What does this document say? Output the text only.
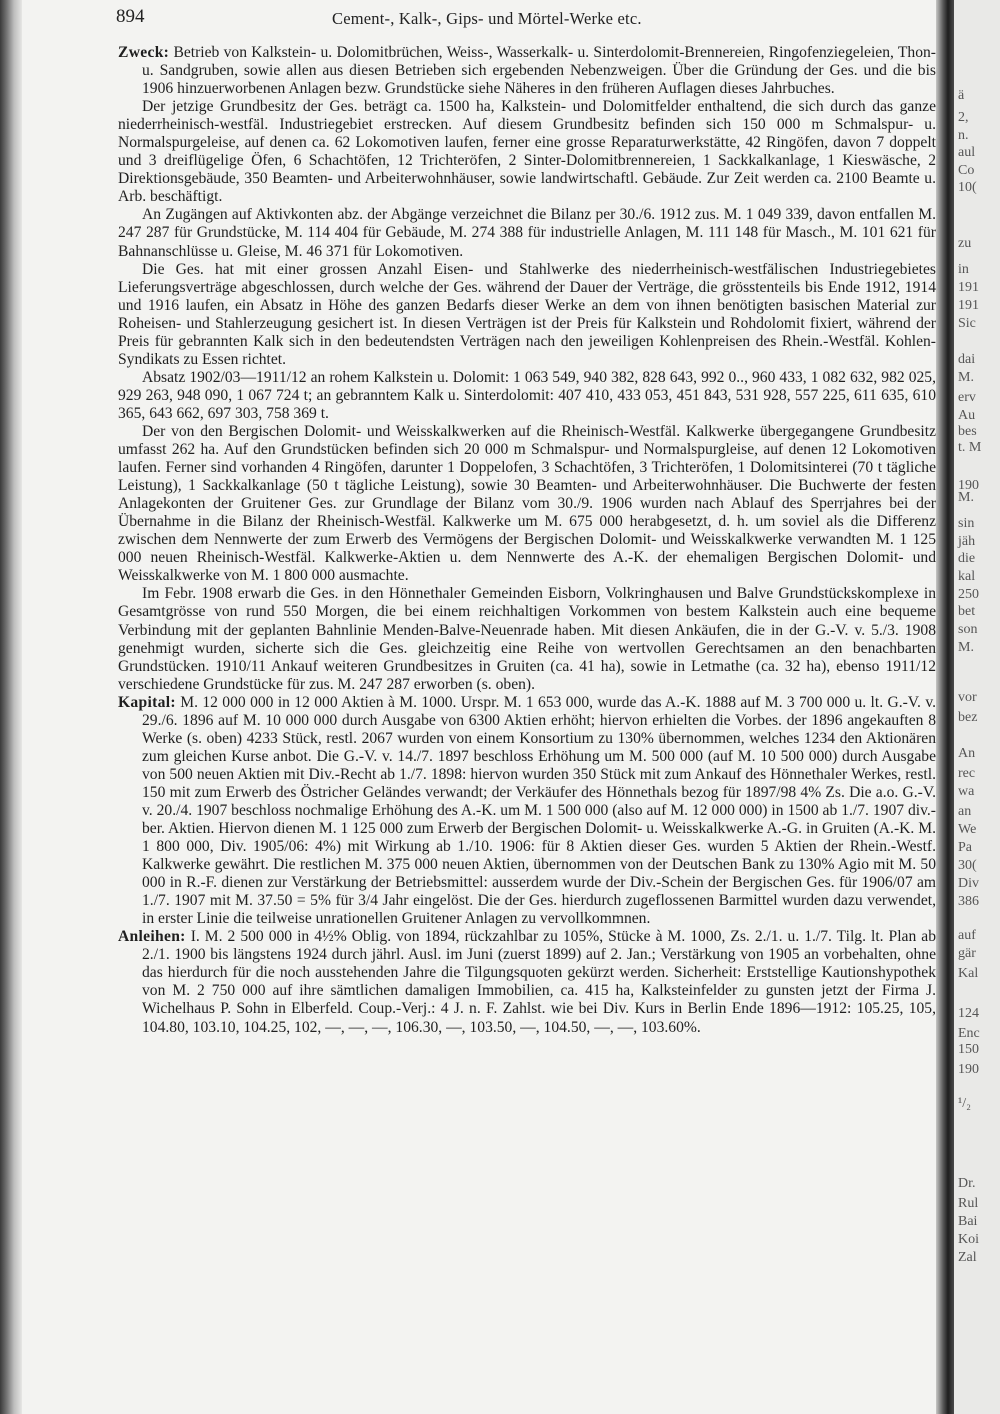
894	Cement-, Kalk-, Gips- und Mörtel-Werke etc.

Zweck: Betrieb von Kalkstein- u. Dolomitbrüchen, Weiss-, Wasserkalk- u. Sinterdolomit-Brennereien, Ringofenziegeleien, Thon- u. Sandgruben, sowie allen aus diesen Betrieben sich ergebenden Nebenzweigen. Über die Gründung der Ges. und die bis 1906 hinzuerworbenen Anlagen bezw. Grundstücke siehe Näheres in den früheren Auflagen dieses Jahrbuches.

Der jetzige Grundbesitz der Ges. beträgt ca. 1500 ha, Kalkstein- und Dolomitfelder enthaltend, die sich durch das ganze niederrheinisch-westfäl. Industriegebiet erstrecken. Auf diesem Grundbesitz befinden sich 150 000 m Schmalspur- u. Normalspurgeleise, auf denen ca. 62 Lokomotiven laufen, ferner eine grosse Reparaturwerkstätte, 42 Ringöfen, davon 7 doppelt und 3 dreiflügelige Öfen, 6 Schachtöfen, 12 Trichteröfen, 2 Sinter-Dolomitbrennereien, 1 Sackkalkanlage, 1 Kieswäsche, 2 Direktionsgebäude, 350 Beamten- und Arbeiterwohnhäuser, sowie landwirtschaftl. Gebäude. Zur Zeit werden ca. 2100 Beamte u. Arb. beschäftigt.

An Zugängen auf Aktivkonten abz. der Abgänge verzeichnet die Bilanz per 30./6. 1912 zus. M. 1 049 339, davon entfallen M. 247 287 für Grundstücke, M. 114 404 für Gebäude, M. 274 388 für industrielle Anlagen, M. 111 148 für Masch., M. 101 621 für Bahnanschlüsse u. Gleise, M. 46 371 für Lokomotiven.

Die Ges. hat mit einer grossen Anzahl Eisen- und Stahlwerke des niederrheinisch-westfälischen Industriegebietes Lieferungsverträge abgeschlossen, durch welche der Ges. während der Dauer der Verträge, die grösstenteils bis Ende 1912, 1914 und 1916 laufen, ein Absatz in Höhe des ganzen Bedarfs dieser Werke an dem von ihnen benötigten basischen Material zur Roheisen- und Stahlerzeugung gesichert ist. In diesen Verträgen ist der Preis für Kalkstein und Rohdolomit fixiert, während der Preis für gebrannten Kalk sich in den bedeutendsten Verträgen nach den jeweiligen Kohlenpreisen des Rhein.-Westfäl. Kohlen-Syndikats zu Essen richtet.

Absatz 1902/03—1911/12 an rohem Kalkstein u. Dolomit: 1 063 549, 940 382, 828 643, 992 0.., 960 433, 1 082 632, 982 025, 929 263, 948 090, 1 067 724 t; an gebranntem Kalk u. Sinterdolomit: 407 410, 433 053, 451 843, 531 928, 557 225, 611 635, 610 365, 643 662, 697 303, 758 369 t.

Der von den Bergischen Dolomit- und Weisskalkwerken auf die Rheinisch-Westfäl. Kalkwerke übergegangene Grundbesitz umfasst 262 ha. Auf den Grundstücken befinden sich 20 000 m Schmalspur- und Normalspurgleise, auf denen 12 Lokomotiven laufen. Ferner sind vorhanden 4 Ringöfen, darunter 1 Doppelofen, 3 Schachtöfen, 3 Trichteröfen, 1 Dolomitsinterei (70 t tägliche Leistung), 1 Sackkalkanlage (50 t tägliche Leistung), sowie 30 Beamten- und Arbeiterwohnhäuser. Die Buchwerte der festen Anlagekonten der Gruitener Ges. zur Grundlage der Bilanz vom 30./9. 1906 wurden nach Ablauf des Sperrjahres bei der Übernahme in die Bilanz der Rheinisch-Westfäl. Kalkwerke um M. 675 000 herabgesetzt, d. h. um soviel als die Differenz zwischen dem Nennwerte der zum Erwerb des Vermögens der Bergischen Dolomit- und Weisskalkwerke verwandten M. 1 125 000 neuen Rheinisch-Westfäl. Kalkwerke-Aktien u. dem Nennwerte des A.-K. der ehemaligen Bergischen Dolomit- und Weisskalkwerke von M. 1 800 000 ausmachte.

Im Febr. 1908 erwarb die Ges. in den Hönnethaler Gemeinden Eisborn, Volkringhausen und Balve Grundstückskomplexe in Gesamtgrösse von rund 550 Morgen, die bei einem reichhaltigen Vorkommen von bestem Kalkstein auch eine bequeme Verbindung mit der geplanten Bahnlinie Menden-Balve-Neuenrade haben. Mit diesen Ankäufen, die in der G.-V. v. 5./3. 1908 genehmigt wurden, sicherte sich die Ges. gleichzeitig eine Reihe von wertvollen Gerechtsamen an den benachbarten Grundstücken. 1910/11 Ankauf weiteren Grundbesitzes in Gruiten (ca. 41 ha), sowie in Letmathe (ca. 32 ha), ebenso 1911/12 verschiedene Grundstücke für zus. M. 247 287 erworben (s. oben).

Kapital: M. 12 000 000 in 12 000 Aktien à M. 1000. Urspr. M. 1 653 000, wurde das A.-K. 1888 auf M. 3 700 000 u. lt. G.-V. v. 29./6. 1896 auf M. 10 000 000 durch Ausgabe von 6300 Aktien erhöht; hiervon erhielten die Vorbes. der 1896 angekauften 8 Werke (s. oben) 4233 Stück, restl. 2067 wurden von einem Konsortium zu 130% übernommen, welches 1234 den Aktionären zum gleichen Kurse anbot. Die G.-V. v. 14./7. 1897 beschloss Erhöhung um M. 500 000 (auf M. 10 500 000) durch Ausgabe von 500 neuen Aktien mit Div.-Recht ab 1./7. 1898: hiervon wurden 350 Stück mit zum Ankauf des Hönnethaler Werkes, restl. 150 mit zum Erwerb des Östricher Geländes verwandt; der Verkäufer des Hönnethals bezog für 1897/98 4% Zs. Die a.o. G.-V. v. 20./4. 1907 beschloss nochmalige Erhöhung des A.-K. um M. 1 500 000 (also auf M. 12 000 000) in 1500 ab 1./7. 1907 div.-ber. Aktien. Hiervon dienen M. 1 125 000 zum Erwerb der Bergischen Dolomit- u. Weisskalkwerke A.-G. in Gruiten (A.-K. M. 1 800 000, Div. 1905/06: 4%) mit Wirkung ab 1./10. 1906: für 8 Aktien dieser Ges. wurden 5 Aktien der Rhein.-Westf. Kalkwerke gewährt. Die restlichen M. 375 000 neuen Aktien, übernommen von der Deutschen Bank zu 130% Agio mit M. 50 000 in R.-F. dienen zur Verstärkung der Betriebsmittel: ausserdem wurde der Div.-Schein der Bergischen Ges. für 1906/07 am 1./7. 1907 mit M. 37.50 = 5% für 3/4 Jahr eingelöst. Die der Ges. hierdurch zugeflossenen Barmittel wurden dazu verwendet, in erster Linie die teilweise unrationellen Gruitener Anlagen zu vervollkommnen.

Anleihen: I. M. 2 500 000 in 4½% Oblig. von 1894, rückzahlbar zu 105%, Stücke à M. 1000, Zs. 2./1. u. 1./7. Tilg. lt. Plan ab 2./1. 1900 bis längstens 1924 durch jährl. Ausl. im Juni (zuerst 1899) auf 2. Jan.; Verstärkung von 1905 an vorbehalten, ohne das hierdurch für die noch ausstehenden Jahre die Tilgungsquoten gekürzt werden. Sicherheit: Erststellige Kautionshypothek von M. 2 750 000 auf ihre sämtlichen damaligen Immobilien, ca. 415 ha, Kalksteinfelder zu gunsten jetzt der Firma J. Wichelhaus P. Sohn in Elberfeld. Coup.-Verj.: 4 J. n. F. Zahlst. wie bei Div. Kurs in Berlin Ende 1896—1912: 105.25, 105, 104.80, 103.10, 104.25, 102, —, —, —, 106.30, —, 103.50, —, 104.50, —, —, 103.60%.

ä
2,
n.
aul
Co
10(
zu
in
191
191
Sic
dai
M.
erv
Au
bes
t. M
190
M.
sin
jäh
die
kal
250
bet
son
M.
vor
bez
An
rec
wa
an
We
Pa
30(
Div
386
auf
gär
Kal
124
Enc
150
190
¹/₂
Dr.
Rul
Bai
Koi
Zal
